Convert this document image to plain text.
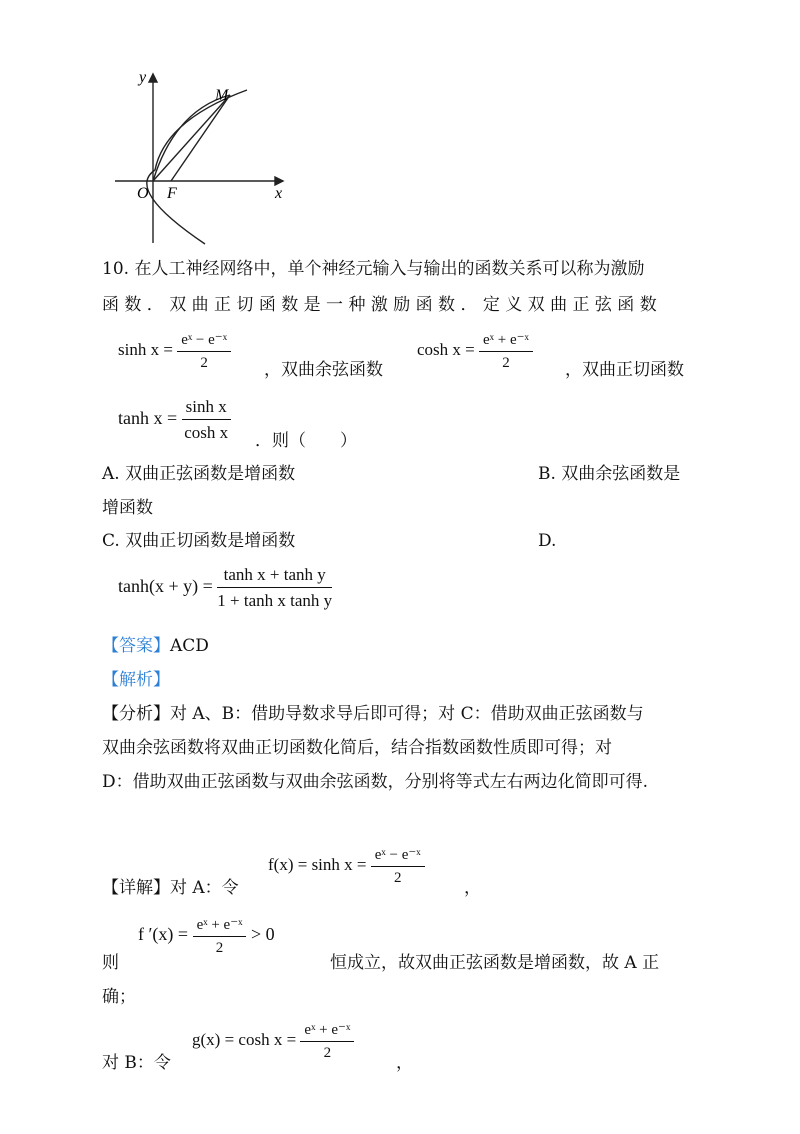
y
x
M
O F
10. 在人工神经网络中，单个神经元输入与输出的函数关系可以称为激励
函 数 ． 双 曲 正 切 函 数 是 一 种 激 励 函 数 ． 定 义 双 曲 正 弦 函 数
$\sinh x = \frac{\text{eˣ − e⁻ˣ}}{2}$ ，双曲余弦函数
$\cosh x = \frac{\text{eˣ + e⁻ˣ}}{2}$ ，双曲正切函数
$\tanh x = \frac{\text{sinh x}}{\text{cosh x}}$ ．则（　　）
A. 双曲正弦函数是增函数	B. 双曲余弦函数是
增函数
C. 双曲正切函数是增函数	D.
$\tanh(x + y) = \frac{\text{tanh x + tanh y}}{\text{1 + tanh x tanh y}}$
【答案】ACD
【解析】
【分析】对 A、B：借助导数求导后即可得；对 C：借助双曲正弦函数与
双曲余弦函数将双曲正切函数化简后，结合指数函数性质即可得；对
D：借助双曲正弦函数与双曲余弦函数，分别将等式左右两边化简即可得.
【详解】对 A：令
$f(x) = \sinh x = \frac{\text{eˣ − e⁻ˣ}}{2}$
，
则
f $'(x) = \frac{\text{eˣ + e⁻ˣ}}{2} > 0$
恒成立，故双曲正弦函数是增函数，故 A 正
确；
对 B：令
$g(x) = \cosh x = \frac{\text{eˣ + e⁻ˣ}}{2}$
，
